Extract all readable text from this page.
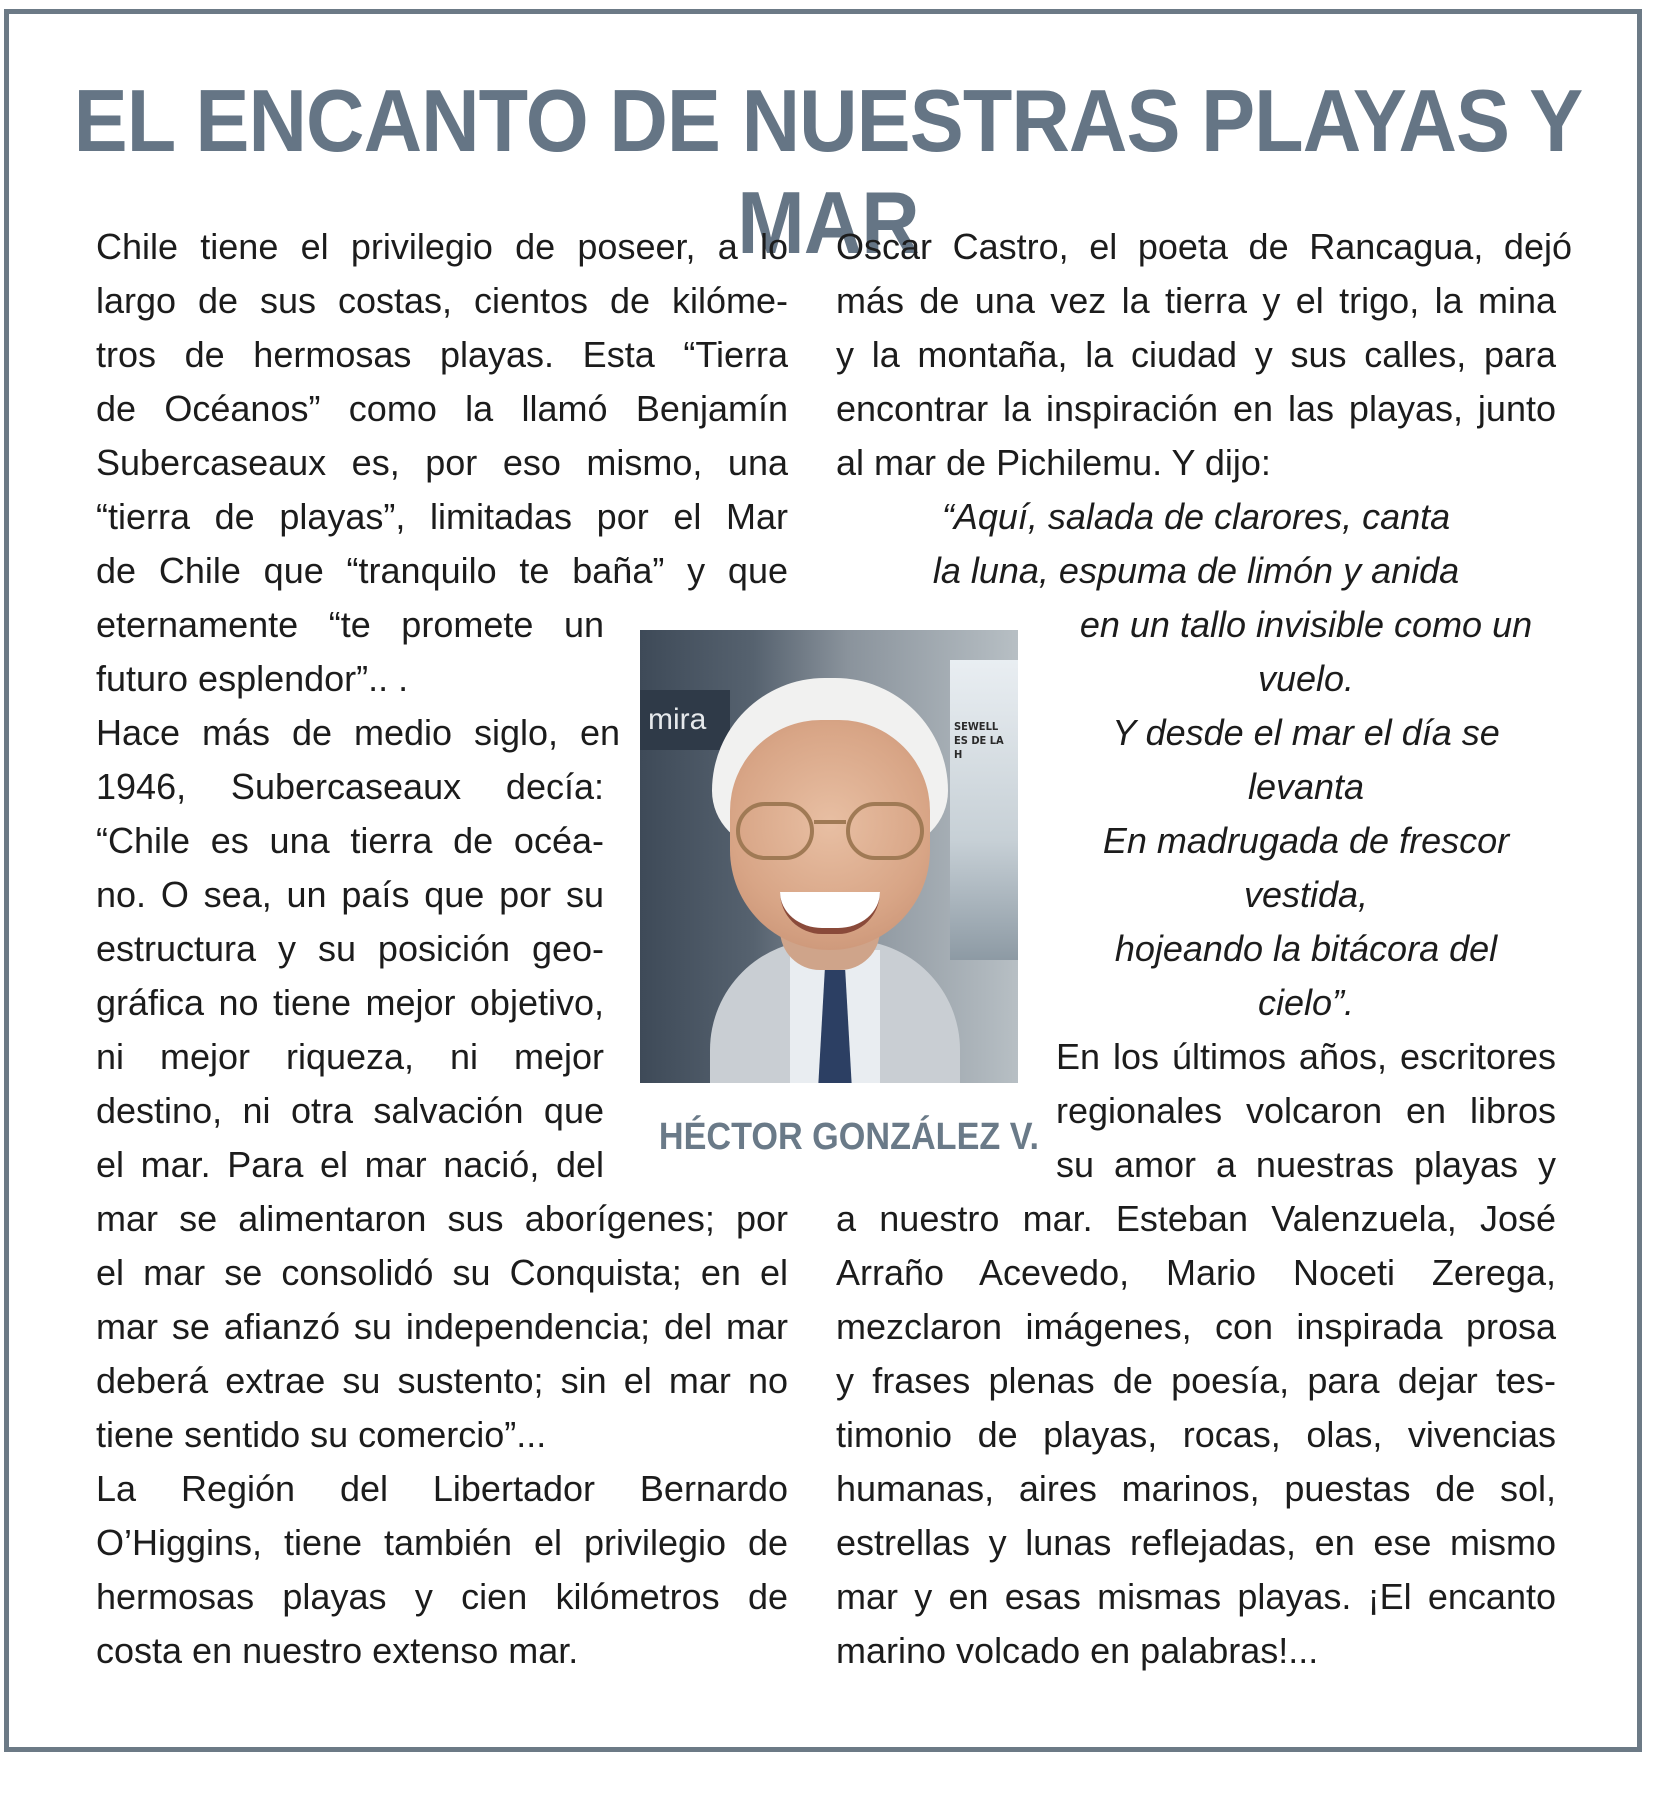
EL ENCANTO DE NUESTRAS PLAYAS Y MAR
Chile tiene el privilegio de poseer, a lo
largo de sus costas, cientos de kilóme-
tros de hermosas playas. Esta “Tierra
de Océanos” como la llamó Benjamín
Subercaseaux es, por eso mismo, una
“tierra de playas”, limitadas por el Mar
de Chile que “tranquilo te baña” y que
eternamente “te promete un
futuro esplendor”.. .
Hace más de medio siglo, en
1946, Subercaseaux decía:
“Chile es una tierra de océa-
no. O sea, un país que por su
estructura y su posición geo-
gráfica no tiene mejor objetivo,
ni mejor riqueza, ni mejor
destino, ni otra salvación que
el mar. Para el mar nació, del
mar se alimentaron sus aborígenes; por
el mar se consolidó su Conquista; en el
mar se afianzó su independencia; del mar
deberá extrae su sustento; sin el mar no
tiene sentido su comercio”...
La Región del Libertador Bernardo
O’Higgins, tiene también el privilegio de
hermosas playas y cien kilómetros de
costa en nuestro extenso mar.
Oscar Castro, el poeta de Rancagua, dejó
más de una vez la tierra y el trigo, la mina
y la montaña, la ciudad y sus calles, para
encontrar la inspiración en las playas, junto
al mar de Pichilemu. Y dijo:
“Aquí, salada de clarores, canta
la luna, espuma de limón y anida
en un tallo invisible como un
vuelo.
Y desde el mar el día se
levanta
En madrugada de frescor
vestida,
hojeando la bitácora del
cielo”.
En los últimos años, escritores
regionales volcaron en libros
su amor a nuestras playas y
a nuestro mar. Esteban Valenzuela, José
Arraño Acevedo, Mario Noceti Zerega,
mezclaron imágenes, con inspirada prosa
y frases plenas de poesía, para dejar tes-
timonio de playas, rocas, olas, vivencias
humanas, aires marinos, puestas de sol,
estrellas y lunas reflejadas, en ese mismo
mar y en esas mismas playas. ¡El encanto
marino volcado en palabras!...
mira	SEWELL ES DE LA H
HÉCTOR GONZÁLEZ V.
